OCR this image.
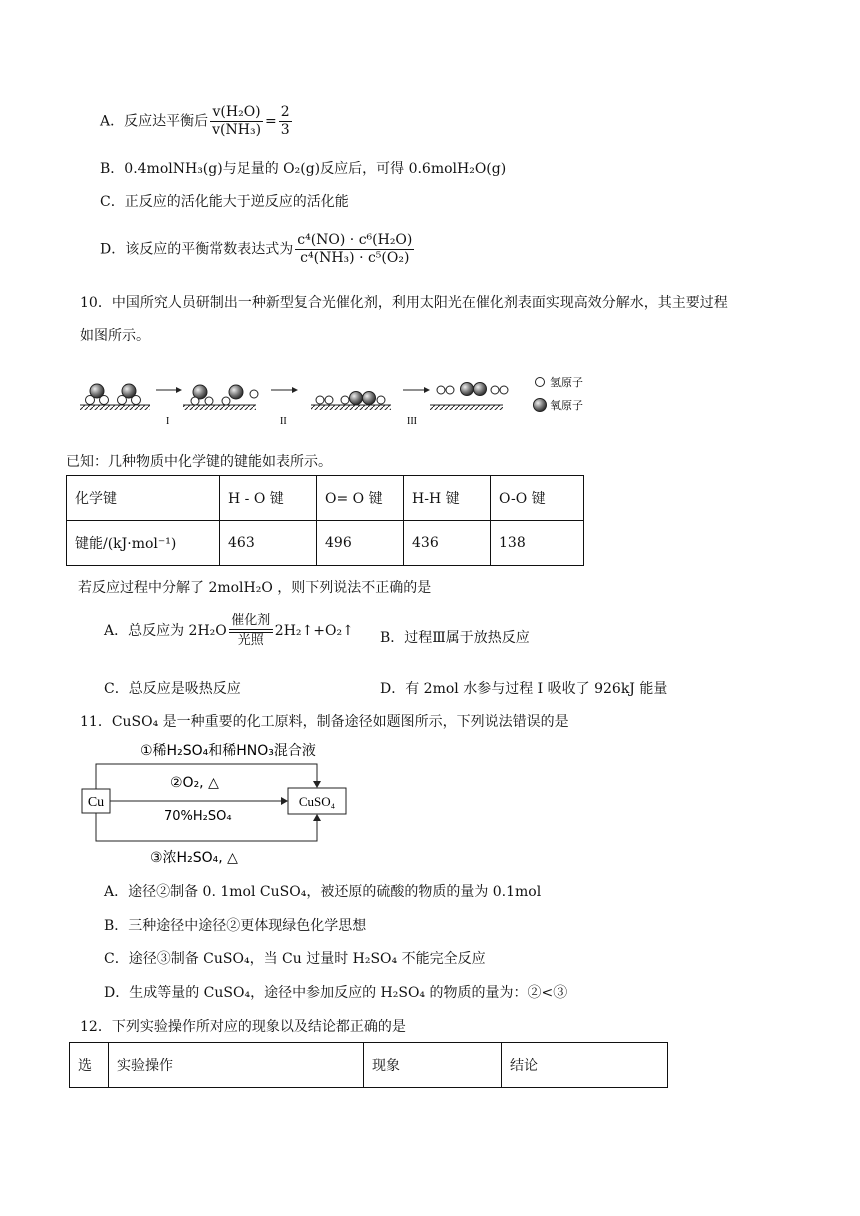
A．反应达平衡后 $\frac{\text{v(H₂O)}}{\text{v(NH₃)}} = \frac{2}{3}$
B．0.4molNH₃(g)与足量的 O₂(g)反应后，可得 0.6molH₂O(g)
C．正反应的活化能大于逆反应的活化能
D．该反应的平衡常数表达式为 $\frac{\text{c⁴(NO) · c⁶(H₂O)}}{\text{c⁴(NH₃) · c⁵(O₂)}}$
10．中国所究人员研制出一种新型复合光催化剂，利用太阳光在催化剂表面实现高效分解水，其主要过程
如图所示。
I	II	III
氢原子
氧原子
已知：几种物质中化学键的键能如表所示。
化学键	H - O 键	O= O 键	H-H 键	O-O 键
键能/(kJ·mol⁻¹)	463	496	436	138
若反应过程中分解了 2molH₂O ，则下列说法不正确的是
A．总反应为 2H₂O
催化剂
光照
2H₂↑+O₂↑ B．过程Ⅲ属于放热反应
C．总反应是吸热反应	D．有 2mol 水参与过程 I 吸收了 926kJ 能量
11．CuSO₄ 是一种重要的化工原料，制备途径如题图所示，下列说法错误的是
①稀H₂SO₄和稀HNO₃混合液
②O₂, △
70%H₂SO₄
③浓H₂SO₄, △
Cu	CuSO₄
A．途径②制备 0. 1mol CuSO₄，被还原的硫酸的物质的量为 0.1mol
B．三种途径中途径②更体现绿色化学思想
C．途径③制备 CuSO₄，当 Cu 过量时 H₂SO₄ 不能完全反应
D．生成等量的 CuSO₄，途径中参加反应的 H₂SO₄ 的物质的量为：②<③
12．下列实验操作所对应的现象以及结论都正确的是
选	实验操作	现象	结论
